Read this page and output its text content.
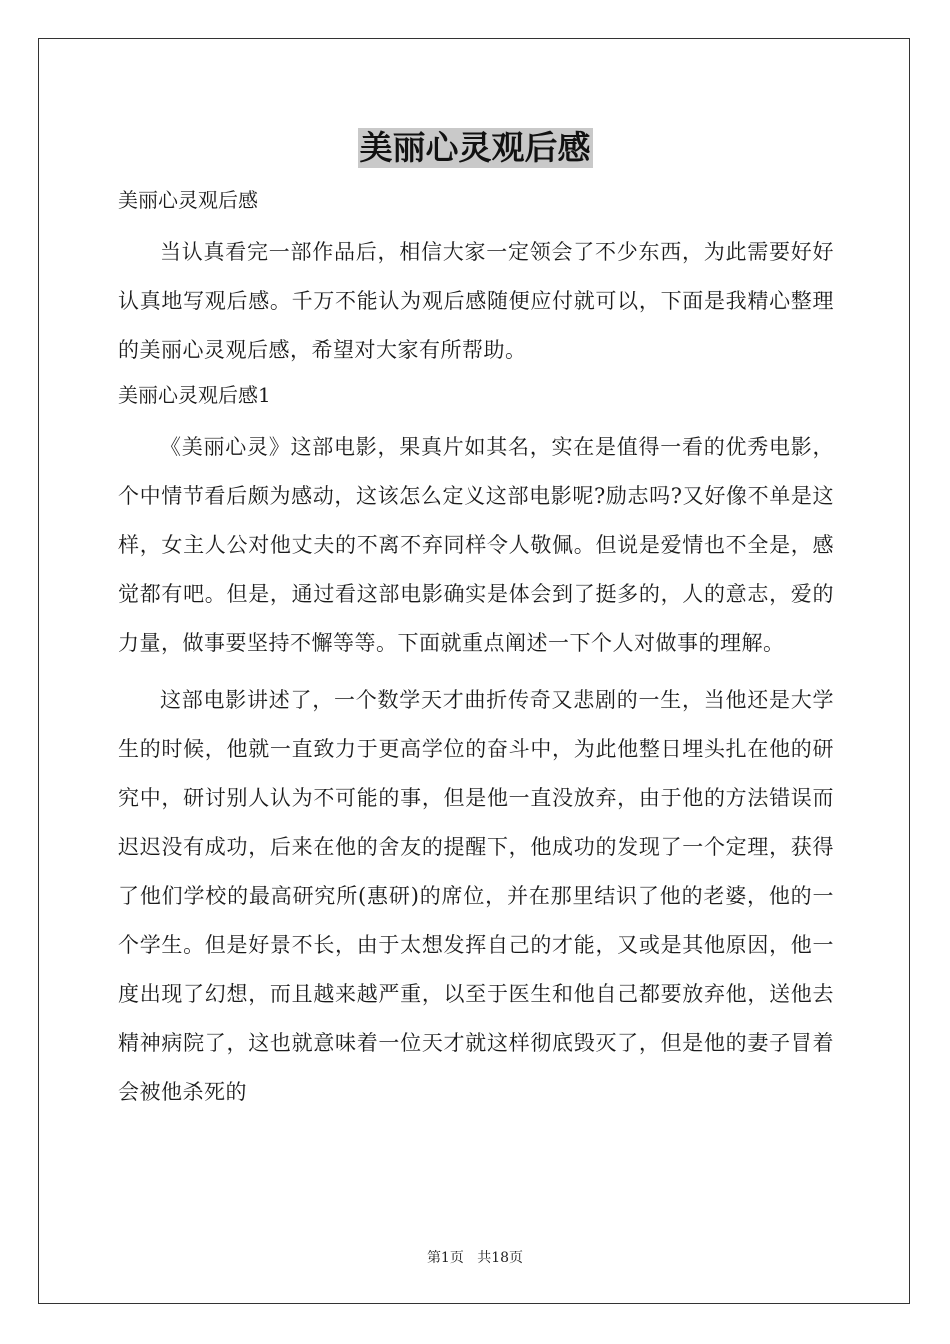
美丽心灵观后感

美丽心灵观后感

当认真看完一部作品后，相信大家一定领会了不少东西，为此需要好好认真地写观后感。千万不能认为观后感随便应付就可以，下面是我精心整理的美丽心灵观后感，希望对大家有所帮助。

美丽心灵观后感1

《美丽心灵》这部电影，果真片如其名，实在是值得一看的优秀电影，个中情节看后颇为感动，这该怎么定义这部电影呢?励志吗?又好像不单是这样，女主人公对他丈夫的不离不弃同样令人敬佩。但说是爱情也不全是，感觉都有吧。但是，通过看这部电影确实是体会到了挺多的，人的意志，爱的力量，做事要坚持不懈等等。下面就重点阐述一下个人对做事的理解。

这部电影讲述了，一个数学天才曲折传奇又悲剧的一生，当他还是大学生的时候，他就一直致力于更高学位的奋斗中，为此他整日埋头扎在他的研究中，研讨别人认为不可能的事，但是他一直没放弃，由于他的方法错误而迟迟没有成功，后来在他的舍友的提醒下，他成功的发现了一个定理，获得了他们学校的最高研究所(惠研)的席位，并在那里结识了他的老婆，他的一个学生。但是好景不长，由于太想发挥自己的才能，又或是其他原因，他一度出现了幻想，而且越来越严重，以至于医生和他自己都要放弃他，送他去精神病院了，这也就意味着一位天才就这样彻底毁灭了，但是他的妻子冒着会被他杀死的

第1页 共18页
